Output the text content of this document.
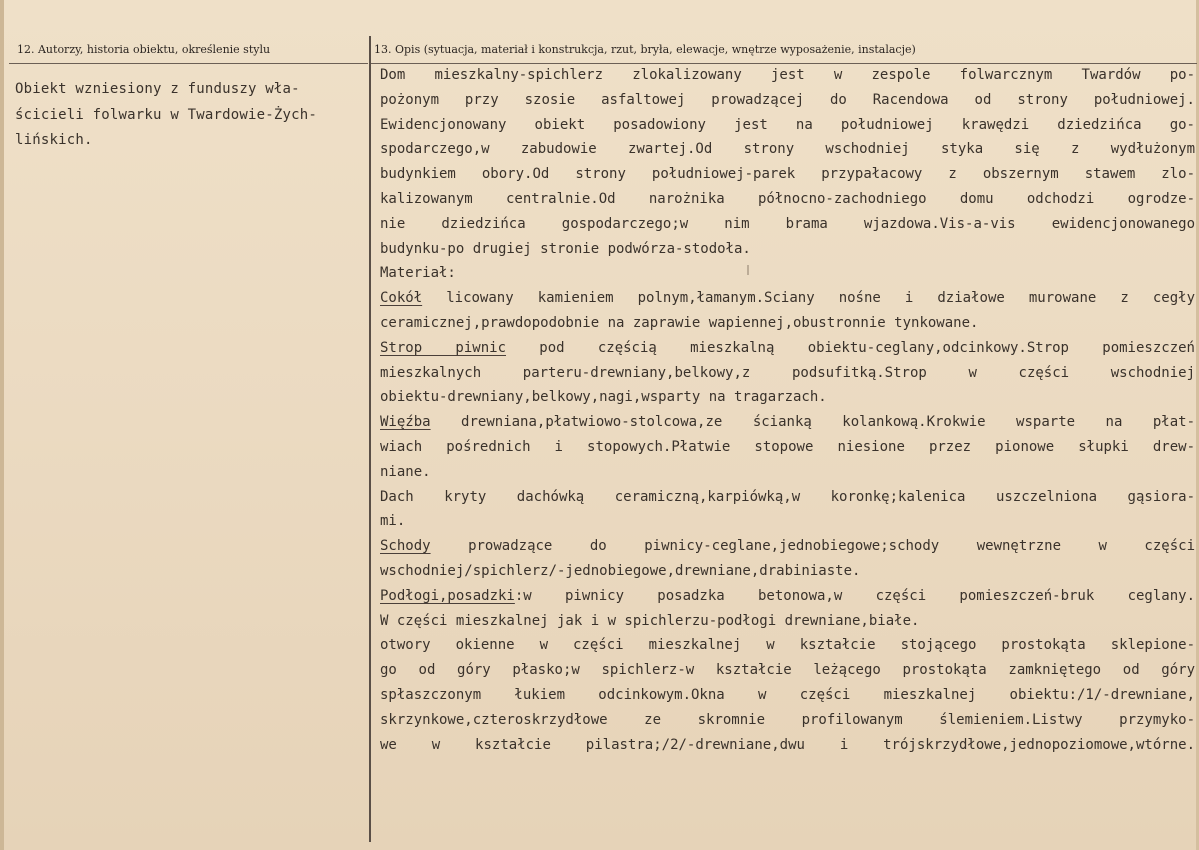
12. Autorzy, historia obiektu, określenie stylu	13. Opis (sytuacja, materiał i konstrukcja, rzut, bryła, elewacje, wnętrze wyposażenie, instalacje)
Obiekt wzniesiony z funduszy wła-
ścicieli folwarku w Twardowie-Żych-
lińskich.
Dom mieszkalny-spichlerz zlokalizowany jest w zespole folwarcznym Twardów po-
pożonym przy szosie asfaltowej prowadzącej do Racendowa od strony południowej.
Ewidencjonowany obiekt posadowiony jest na południowej krawędzi dziedzińca go-
spodarczego,w zabudowie zwartej.Od strony wschodniej styka się z wydłużonym
budynkiem obory.Od strony południowej-parek przypałacowy z obszernym stawem zlo-
kalizowanym centralnie.Od narożnika północno-zachodniego domu odchodzi ogrodze-
nie dziedzińca gospodarczego;w nim brama wjazdowa.Vis-a-vis ewidencjonowanego
budynku-po drugiej stronie podwórza-stodoła.
Materiał:
Cokół licowany kamieniem polnym,łamanym.Sciany nośne i działowe murowane z cegły
ceramicznej,prawdopodobnie na zaprawie wapiennej,obustronnie tynkowane.
Strop piwnic pod częścią mieszkalną obiektu-ceglany,odcinkowy.Strop pomieszczeń
mieszkalnych parteru-drewniany,belkowy,z podsufitką.Strop w części wschodniej
obiektu-drewniany,belkowy,nagi,wsparty na tragarzach.
Więźba drewniana,płatwiowo-stolcowa,ze ścianką kolankową.Krokwie wsparte na płat-
wiach pośrednich i stopowych.Płatwie stopowe niesione przez pionowe słupki drew-
niane.
Dach kryty dachówką ceramiczną,karpiówką,w koronkę;kalenica uszczelniona gąsiora-
mi.
Schody prowadzące do piwnicy-ceglane,jednobiegowe;schody wewnętrzne w części
wschodniej/spichlerz/-jednobiegowe,drewniane,drabiniaste.
Podłogi,posadzki:w piwnicy posadzka betonowa,w części pomieszczeń-bruk ceglany.
W części mieszkalnej jak i w spichlerzu-podłogi drewniane,białe.
otwory okienne w części mieszkalnej w kształcie stojącego prostokąta sklepione-
go od góry płasko;w spichlerz-w kształcie leżącego prostokąta zamkniętego od góry
spłaszczonym łukiem odcinkowym.Okna w części mieszkalnej obiektu:/1/-drewniane,
skrzynkowe,czteroskrzydłowe ze skromnie profilowanym ślemieniem.Listwy przymyko-
we w kształcie pilastra;/2/-drewniane,dwu i trójskrzydłowe,jednopoziomowe,wtórne.
